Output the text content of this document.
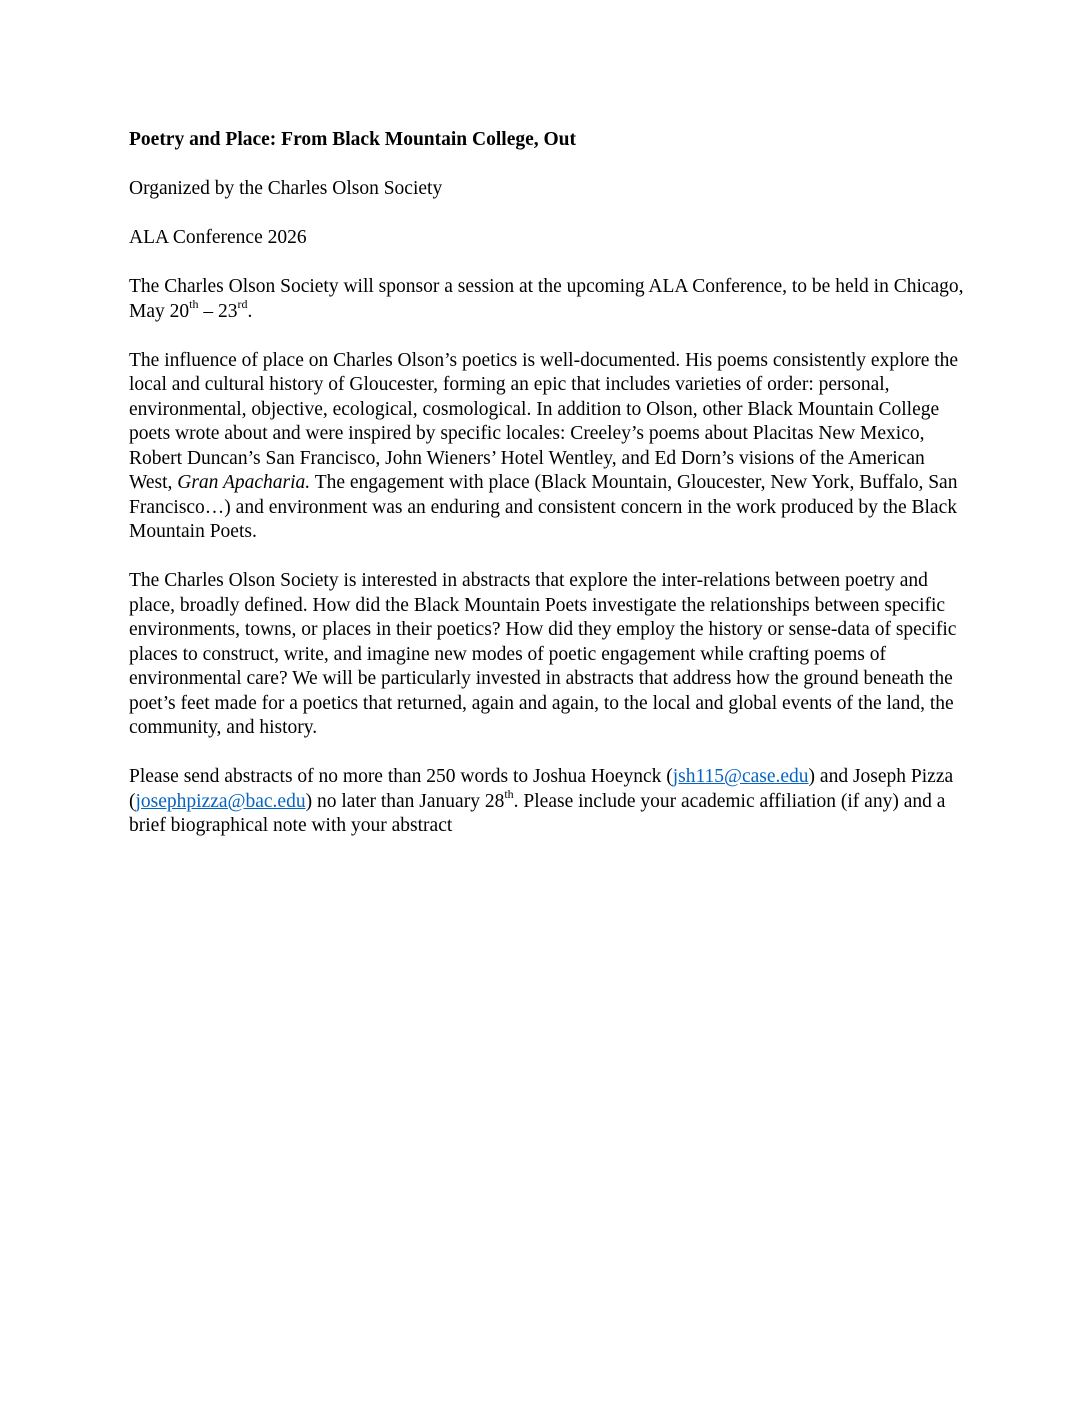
Poetry and Place: From Black Mountain College, Out

Organized by the Charles Olson Society

ALA Conference 2026

The Charles Olson Society will sponsor a session at the upcoming ALA Conference, to be held in Chicago, May 20th – 23rd.

The influence of place on Charles Olson’s poetics is well-documented. His poems consistently explore the local and cultural history of Gloucester, forming an epic that includes varieties of order: personal, environmental, objective, ecological, cosmological. In addition to Olson, other Black Mountain College poets wrote about and were inspired by specific locales: Creeley’s poems about Placitas New Mexico, Robert Duncan’s San Francisco, John Wieners’ Hotel Wentley, and Ed Dorn’s visions of the American West, Gran Apacharia. The engagement with place (Black Mountain, Gloucester, New York, Buffalo, San Francisco…) and environment was an enduring and consistent concern in the work produced by the Black Mountain Poets.

The Charles Olson Society is interested in abstracts that explore the inter-relations between poetry and place, broadly defined. How did the Black Mountain Poets investigate the relationships between specific environments, towns, or places in their poetics? How did they employ the history or sense-data of specific places to construct, write, and imagine new modes of poetic engagement while crafting poems of environmental care? We will be particularly invested in abstracts that address how the ground beneath the poet’s feet made for a poetics that returned, again and again, to the local and global events of the land, the community, and history.

Please send abstracts of no more than 250 words to Joshua Hoeynck (jsh115@case.edu) and Joseph Pizza (josephpizza@bac.edu) no later than January 28th. Please include your academic affiliation (if any) and a brief biographical note with your abstract
